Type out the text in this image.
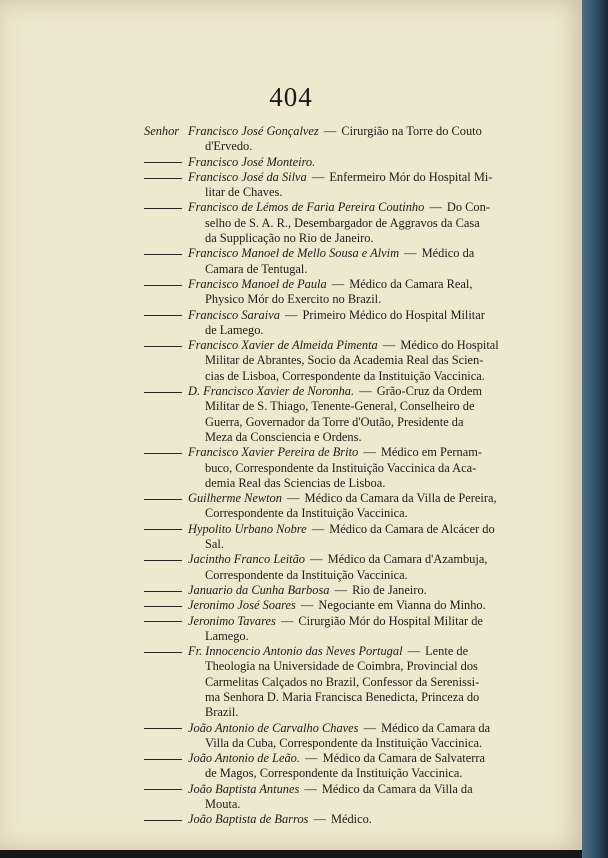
404
Senhor Francisco José Gonçalvez — Cirurgião na Torre do Couto
d'Ervedo.
Francisco José Monteiro.
Francisco José da Silva — Enfermeiro Mór do Hospital Mi-
litar de Chaves.
Francisco de Lémos de Faria Pereira Coutinho — Do Con-
selho de S. A. R., Desembargador de Aggravos da Casa
da Supplicação no Rio de Janeiro.
Francisco Manoel de Mello Sousa e Alvim — Médico da
Camara de Tentugal.
Francisco Manoel de Paula — Médico da Camara Real,
Physico Mór do Exercito no Brazil.
Francisco Saraiva — Primeiro Médico do Hospital Militar
de Lamego.
Francisco Xavier de Almeida Pimenta — Médico do Hospital
Militar de Abrantes, Socio da Academia Real das Scien-
cias de Lisboa, Correspondente da Instituição Vaccinica.
D. Francisco Xavier de Noronha. — Grão-Cruz da Ordem
Militar de S. Thiago, Tenente-General, Conselheiro de
Guerra, Governador da Torre d'Outão, Presidente da
Meza da Consciencia e Ordens.
Francisco Xavier Pereira de Brito — Médico em Pernam-
buco, Correspondente da Instituição Vaccinica da Aca-
demia Real das Sciencias de Lisboa.
Guilherme Newton — Médico da Camara da Villa de Pereira,
Correspondente da Instituição Vaccinica.
Hypolito Urbano Nobre — Médico da Camara de Alcácer do
Sal.
Jacintho Franco Leitão — Médico da Camara d'Azambuja,
Correspondente da Instituição Vaccinica.
Januario da Cunha Barbosa — Rio de Janeiro.
Jeronimo José Soares — Negociante em Vianna do Minho.
Jeronimo Tavares — Cirurgião Mór do Hospital Militar de
Lamego.
Fr. Innocencio Antonio das Neves Portugal — Lente de
Theologia na Universidade de Coimbra, Provincial dos
Carmelitas Calçados no Brazil, Confessor da Serenissi-
ma Senhora D. Maria Francisca Benedicta, Princeza do
Brazil.
João Antonio de Carvalho Chaves — Médico da Camara da
Villa da Cuba, Correspondente da Instituição Vaccinica.
João Antonio de Leão. — Médico da Camara de Salvaterra
de Magos, Correspondente da Instituição Vaccinica.
João Baptista Antunes — Médico da Camara da Villa da
Mouta.
João Baptista de Barros — Médico.
